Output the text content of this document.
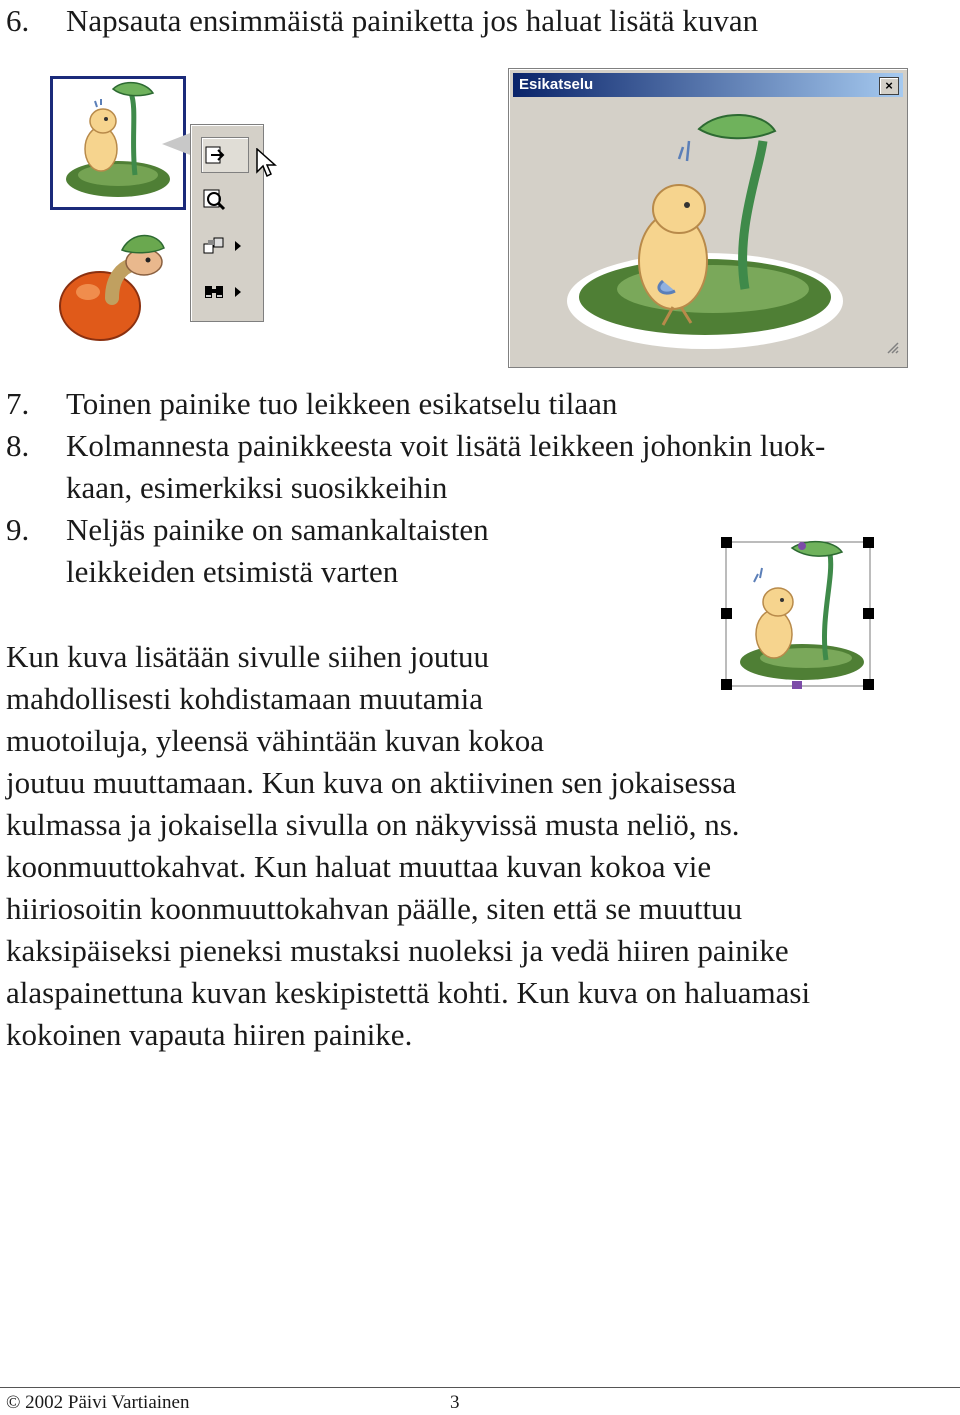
6. Napsauta ensimmäistä painiketta jos haluat lisätä kuvan
Esikatselu	×
7. Toinen painike tuo leikkeen esikatselu tilaan
8. Kolmannesta painikkeesta voit lisätä leikkeen johonkin luok-
kaan, esimerkiksi suosikkeihin
9. Neljäs painike on samankaltaisten
leikkeiden etsimistä varten
Kun kuva lisätään sivulle siihen joutuu
mahdollisesti kohdistamaan muutamia
muotoiluja, yleensä vähintään kuvan kokoa
joutuu muuttamaan. Kun kuva on aktiivinen sen jokaisessa
kulmassa ja jokaisella sivulla on näkyvissä musta neliö, ns.
koonmuuttokahvat. Kun haluat muuttaa kuvan kokoa vie
hiiriosoitin koonmuuttokahvan päälle, siten että se muuttuu
kaksipäiseksi pieneksi mustaksi nuoleksi ja vedä hiiren painike
alaspainettuna kuvan keskipistettä kohti. Kun kuva on haluamasi
kokoinen vapauta hiiren painike.
© 2002 Päivi Vartiainen	3
